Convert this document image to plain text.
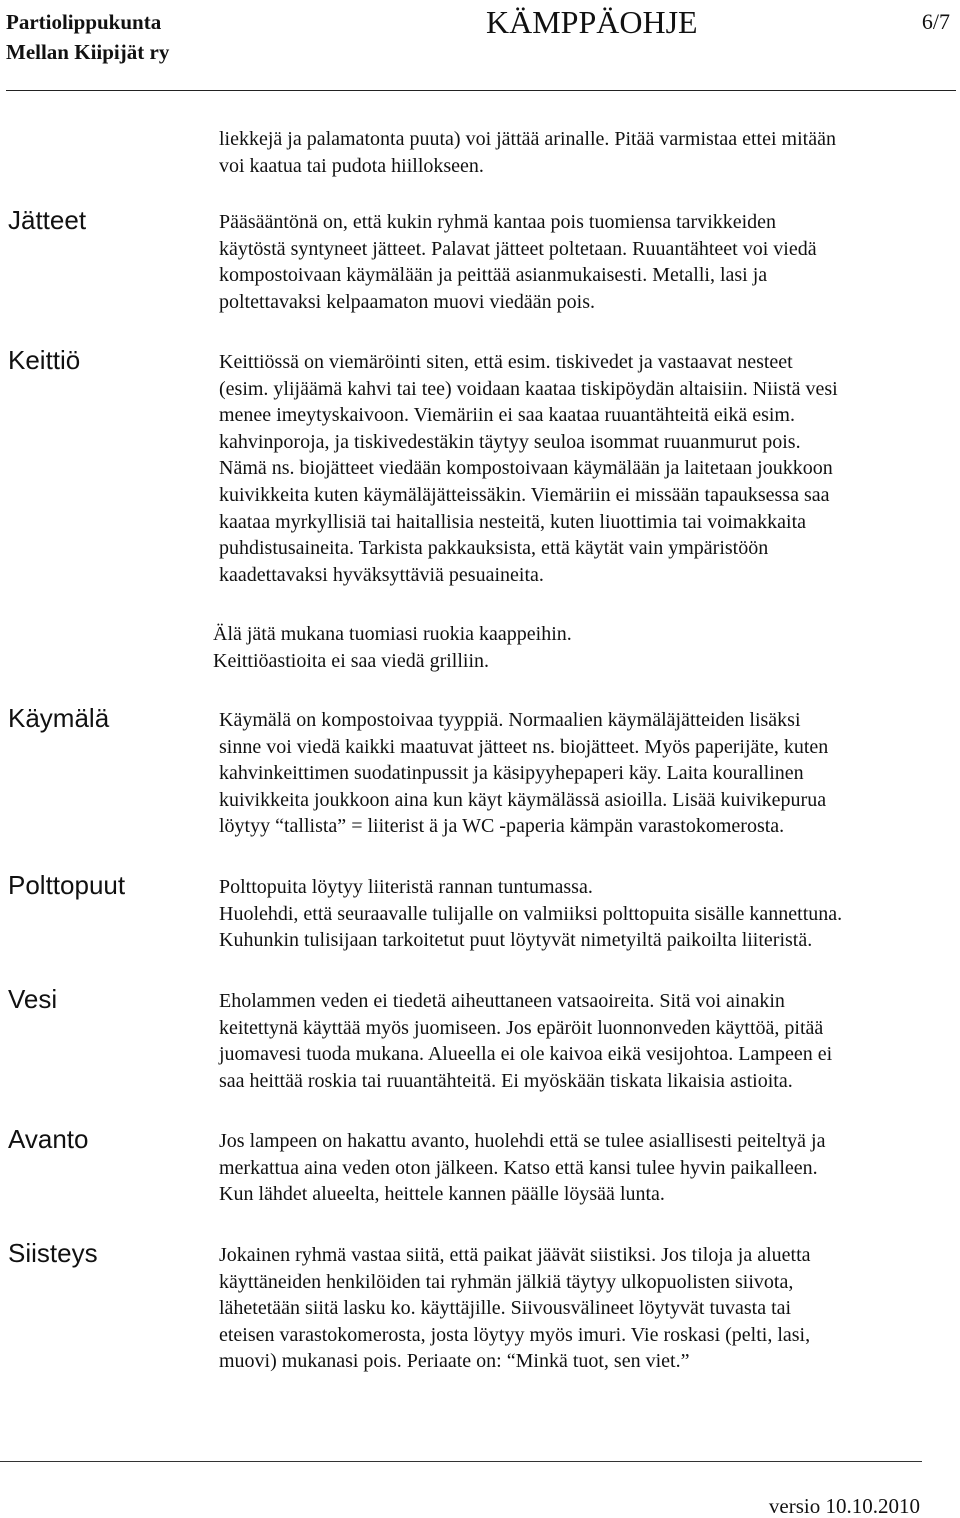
Partiolippukunta
Mellan Kiipijät ry
KÄMPPÄOHJE	6/7
liekkejä ja palamatonta puuta) voi jättää arinalle. Pitää varmistaa ettei mitään
voi kaatua tai pudota hiillokseen.
Jätteet	Pääsääntönä on, että kukin ryhmä kantaa pois tuomiensa tarvikkeiden
käytöstä syntyneet jätteet. Palavat jätteet poltetaan. Ruuantähteet voi viedä
kompostoivaan käymälään ja peittää asianmukaisesti. Metalli, lasi ja
poltettavaksi kelpaamaton muovi viedään pois.
Keittiö	Keittiössä on viemäröinti siten, että esim. tiskivedet ja vastaavat nesteet
(esim. ylijäämä kahvi tai tee) voidaan kaataa tiskipöydän altaisiin. Niistä vesi
menee imeytyskaivoon. Viemäriin ei saa kaataa ruuantähteitä eikä esim.
kahvinporoja, ja tiskivedestäkin täytyy seuloa isommat ruuanmurut pois.
Nämä ns. biojätteet viedään kompostoivaan käymälään ja laitetaan joukkoon
kuivikkeita kuten käymäläjätteissäkin. Viemäriin ei missään tapauksessa saa
kaataa myrkyllisiä tai haitallisia nesteitä, kuten liuottimia tai voimakkaita
puhdistusaineita. Tarkista pakkauksista, että käytät vain ympäristöön
kaadettavaksi hyväksyttäviä pesuaineita.
Älä jätä mukana tuomiasi ruokia kaappeihin.
Keittiöastioita ei saa viedä grilliin.
Käymälä	Käymälä on kompostoivaa tyyppiä. Normaalien käymäläjätteiden lisäksi
sinne voi viedä kaikki maatuvat jätteet ns. biojätteet. Myös paperijäte, kuten
kahvinkeittimen suodatinpussit ja käsipyyhepaperi käy. Laita kourallinen
kuivikkeita joukkoon aina kun käyt käymälässä asioilla. Lisää kuivikepurua
löytyy “tallista” = liiterist ä ja WC -paperia kämpän varastokomerosta.
Polttopuut	Polttopuita löytyy liiteristä rannan tuntumassa.
Huolehdi, että seuraavalle tulijalle on valmiiksi polttopuita sisälle kannettuna.
Kuhunkin tulisijaan tarkoitetut puut löytyvät nimetyiltä paikoilta liiteristä.
Vesi	Eholammen veden ei tiedetä aiheuttaneen vatsaoireita. Sitä voi ainakin
keitettynä käyttää myös juomiseen. Jos epäröit luonnonveden käyttöä, pitää
juomavesi tuoda mukana. Alueella ei ole kaivoa eikä vesijohtoa. Lampeen ei
saa heittää roskia tai ruuantähteitä. Ei myöskään tiskata likaisia astioita.
Avanto	Jos lampeen on hakattu avanto, huolehdi että se tulee asiallisesti peiteltyä ja
merkattua aina veden oton jälkeen. Katso että kansi tulee hyvin paikalleen.
Kun lähdet alueelta, heittele kannen päälle löysää lunta.
Siisteys	Jokainen ryhmä vastaa siitä, että paikat jäävät siistiksi. Jos tiloja ja aluetta
käyttäneiden henkilöiden tai ryhmän jälkiä täytyy ulkopuolisten siivota,
lähetetään siitä lasku ko. käyttäjille. Siivousvälineet löytyvät tuvasta tai
eteisen varastokomerosta, josta löytyy myös imuri. Vie roskasi (pelti, lasi,
muovi) mukanasi pois. Periaate on: “Minkä tuot, sen viet.”
versio 10.10.2010
